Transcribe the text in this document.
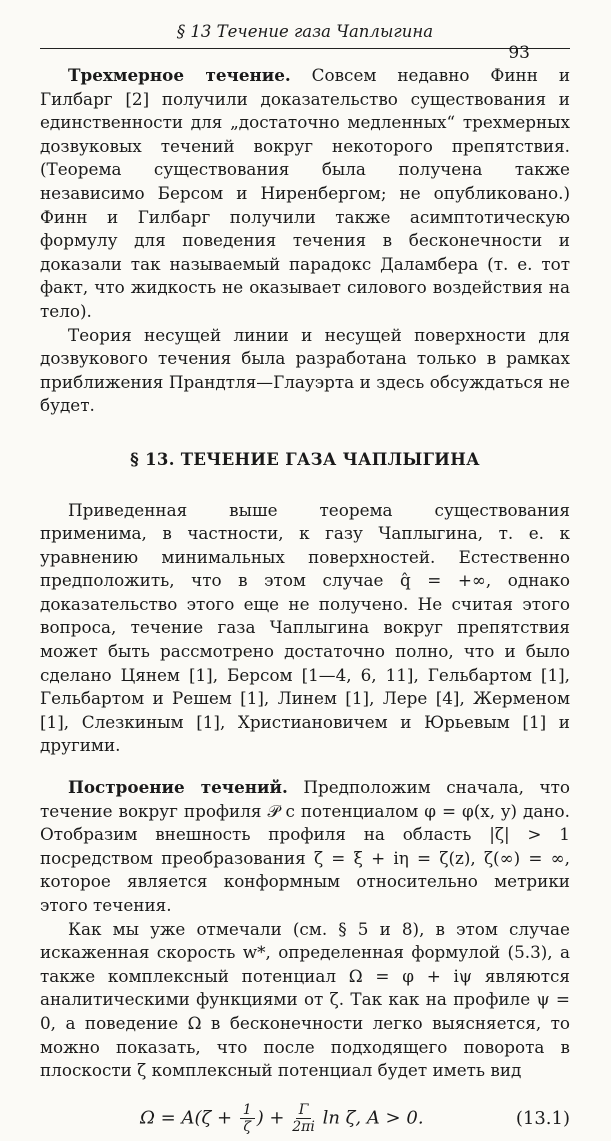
§ 13 Течение газа Чаплыгина
93

Трехмерное течение. Совсем недавно Финн и Гилбарг [2] получили доказательство существования и единственности для „достаточно медленных“ трехмерных дозвуковых течений вокруг некоторого препятствия. (Теорема существования была получена также независимо Берсом и Ниренбергом; не опубликовано.) Финн и Гилбарг получили также асимптотическую формулу для поведения течения в бесконечности и доказали так называемый парадокс Даламбера (т. е. тот факт, что жидкость не оказывает силового воздействия на тело).

Теория несущей линии и несущей поверхности для дозвукового течения была разработана только в рамках приближения Прандтля—Глауэрта и здесь обсуждаться не будет.

§ 13. ТЕЧЕНИЕ ГАЗА ЧАПЛЫГИНА

Приведенная выше теорема существования применима, в частности, к газу Чаплыгина, т. е. к уравнению минимальных поверхностей. Естественно предположить, что в этом случае q̂ = +∞, однако доказательство этого еще не получено. Не считая этого вопроса, течение газа Чаплыгина вокруг препятствия может быть рассмотрено достаточно полно, что и было сделано Цянем [1], Берсом [1—4, 6, 11], Гельбартом [1], Гельбартом и Решем [1], Линем [1], Лере [4], Жерменом [1], Слезкиным [1], Христиановичем и Юрьевым [1] и другими.

Построение течений. Предположим сначала, что течение вокруг профиля 𝒫 с потенциалом φ = φ(x, y) дано. Отобразим внешность профиля на область |ζ| > 1 посредством преобразования ζ = ξ + iη = ζ(z), ζ(∞) = ∞, которое является конформным относительно метрики этого течения.

Как мы уже отмечали (см. § 5 и 8), в этом случае искаженная скорость w*, определенная формулой (5.3), а также комплексный потенциал Ω = φ + iψ являются аналитическими функциями от ζ. Так как на профиле ψ = 0, а поведение Ω в бесконечности легко выясняется, то можно показать, что после подходящего поворота в плоскости ζ комплексный потенциал будет иметь вид

$\Omega = A(\zeta + \frac{1}{\zeta}$ ) + $\frac{\Gamma}{2\pi i}$ ln ζ, A > 0.	(13.1)
